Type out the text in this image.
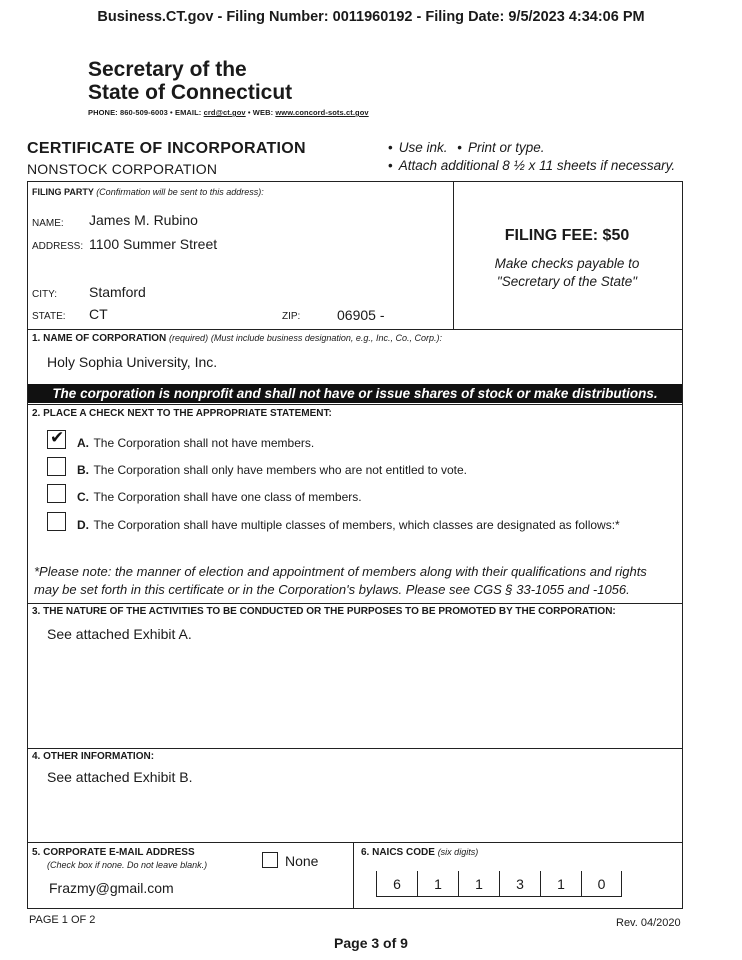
Business.CT.gov - Filing Number: 0011960192 - Filing Date: 9/5/2023 4:34:06 PM
Secretary of the
State of Connecticut
PHONE: 860-509-6003 • EMAIL: crd@ct.gov • WEB: www.concord-sots.ct.gov
CERTIFICATE OF INCORPORATION
NONSTOCK CORPORATION
• Use ink. • Print or type.
• Attach additional 8 ½ x 11 sheets if necessary.
FILING PARTY (Confirmation will be sent to this address):
NAME: James M. Rubino
ADDRESS: 1100 Summer Street
CITY: Stamford
STATE: CT	ZIP:	06905 -
FILING FEE: $50
Make checks payable to
"Secretary of the State"
1. NAME OF CORPORATION (required) (Must include business designation, e.g., Inc., Co., Corp.):
Holy Sophia University, Inc.
The corporation is nonprofit and shall not have or issue shares of stock or make distributions.
2. PLACE A CHECK NEXT TO THE APPROPRIATE STATEMENT:
✔ A. The Corporation shall not have members.
B. The Corporation shall only have members who are not entitled to vote.
C. The Corporation shall have one class of members.
D. The Corporation shall have multiple classes of members, which classes are designated as follows:*
*Please note: the manner of election and appointment of members along with their qualifications and rights may be set forth in this certificate or in the Corporation's bylaws. Please see CGS § 33-1055 and -1056.
3. THE NATURE OF THE ACTIVITIES TO BE CONDUCTED OR THE PURPOSES TO BE PROMOTED BY THE CORPORATION:
See attached Exhibit A.
4. OTHER INFORMATION:
See attached Exhibit B.
5. CORPORATE E-MAIL ADDRESS
(Check box if none. Do not leave blank.)	None
Frazmy@gmail.com
6. NAICS CODE (six digits)
6	1	1	3	1	0
PAGE 1 OF 2	Rev. 04/2020
Page 3 of 9
